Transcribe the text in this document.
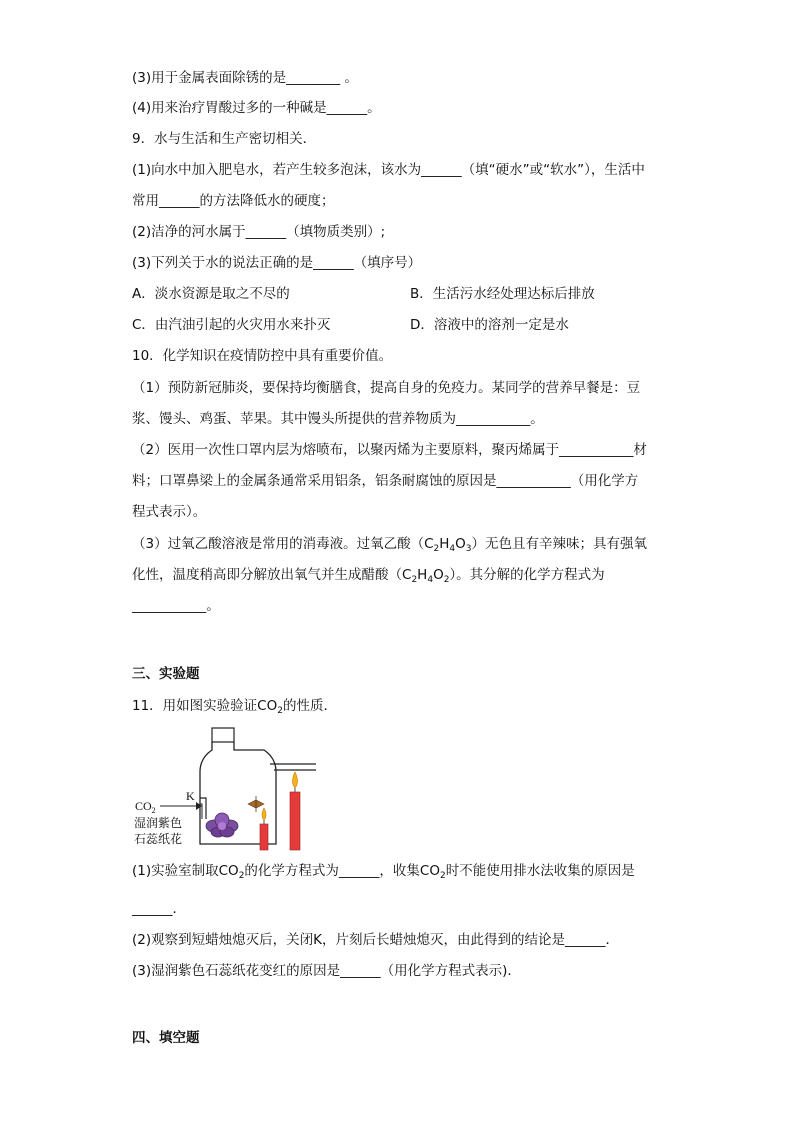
(3)用于金属表面除锈的是________ 。
(4)用来治疗胃酸过多的一种碱是______。
9．水与生活和生产密切相关．
(1)向水中加入肥皂水，若产生较多泡沫，该水为______（填“硬水”或“软水”），生活中
常用______的方法降低水的硬度；
(2)洁净的河水属于______（填物质类别）;
(3)下列关于水的说法正确的是______（填序号）
A．淡水资源是取之不尽的	B．生活污水经处理达标后排放
C．由汽油引起的火灾用水来扑灭	D．溶液中的溶剂一定是水
10．化学知识在疫情防控中具有重要价值。
（1）预防新冠肺炎，要保持均衡膳食，提高自身的免疫力。某同学的营养早餐是：豆
浆、馒头、鸡蛋、苹果。其中馒头所提供的营养物质为___________。
（2）医用一次性口罩内层为熔喷布，以聚丙烯为主要原料，聚丙烯属于___________材
料；口罩鼻梁上的金属条通常采用铝条，铝条耐腐蚀的原因是___________（用化学方
程式表示）。
（3）过氧乙酸溶液是常用的消毒液。过氧乙酸$(C_2H_4O_3)$无色且有辛辣味；具有强氧
化性，温度稍高即分解放出氧气并生成醋酸$(C_2H_4O_2)$。其分解的化学方程式为
___________。
三、实验题
11．用如图实验验证$CO_2$的性质．
$CO_2$
K
湿润紫色
石蕊纸花
(1)实验室制取$CO_2$的化学方程式为______，收集$CO_2$时不能使用排水法收集的原因是
______．
(2)观察到短蜡烛熄灭后，关闭K，片刻后长蜡烛熄灭，由此得到的结论是______．
(3)湿润紫色石蕊纸花变红的原因是______（用化学方程式表示)．
四、填空题
